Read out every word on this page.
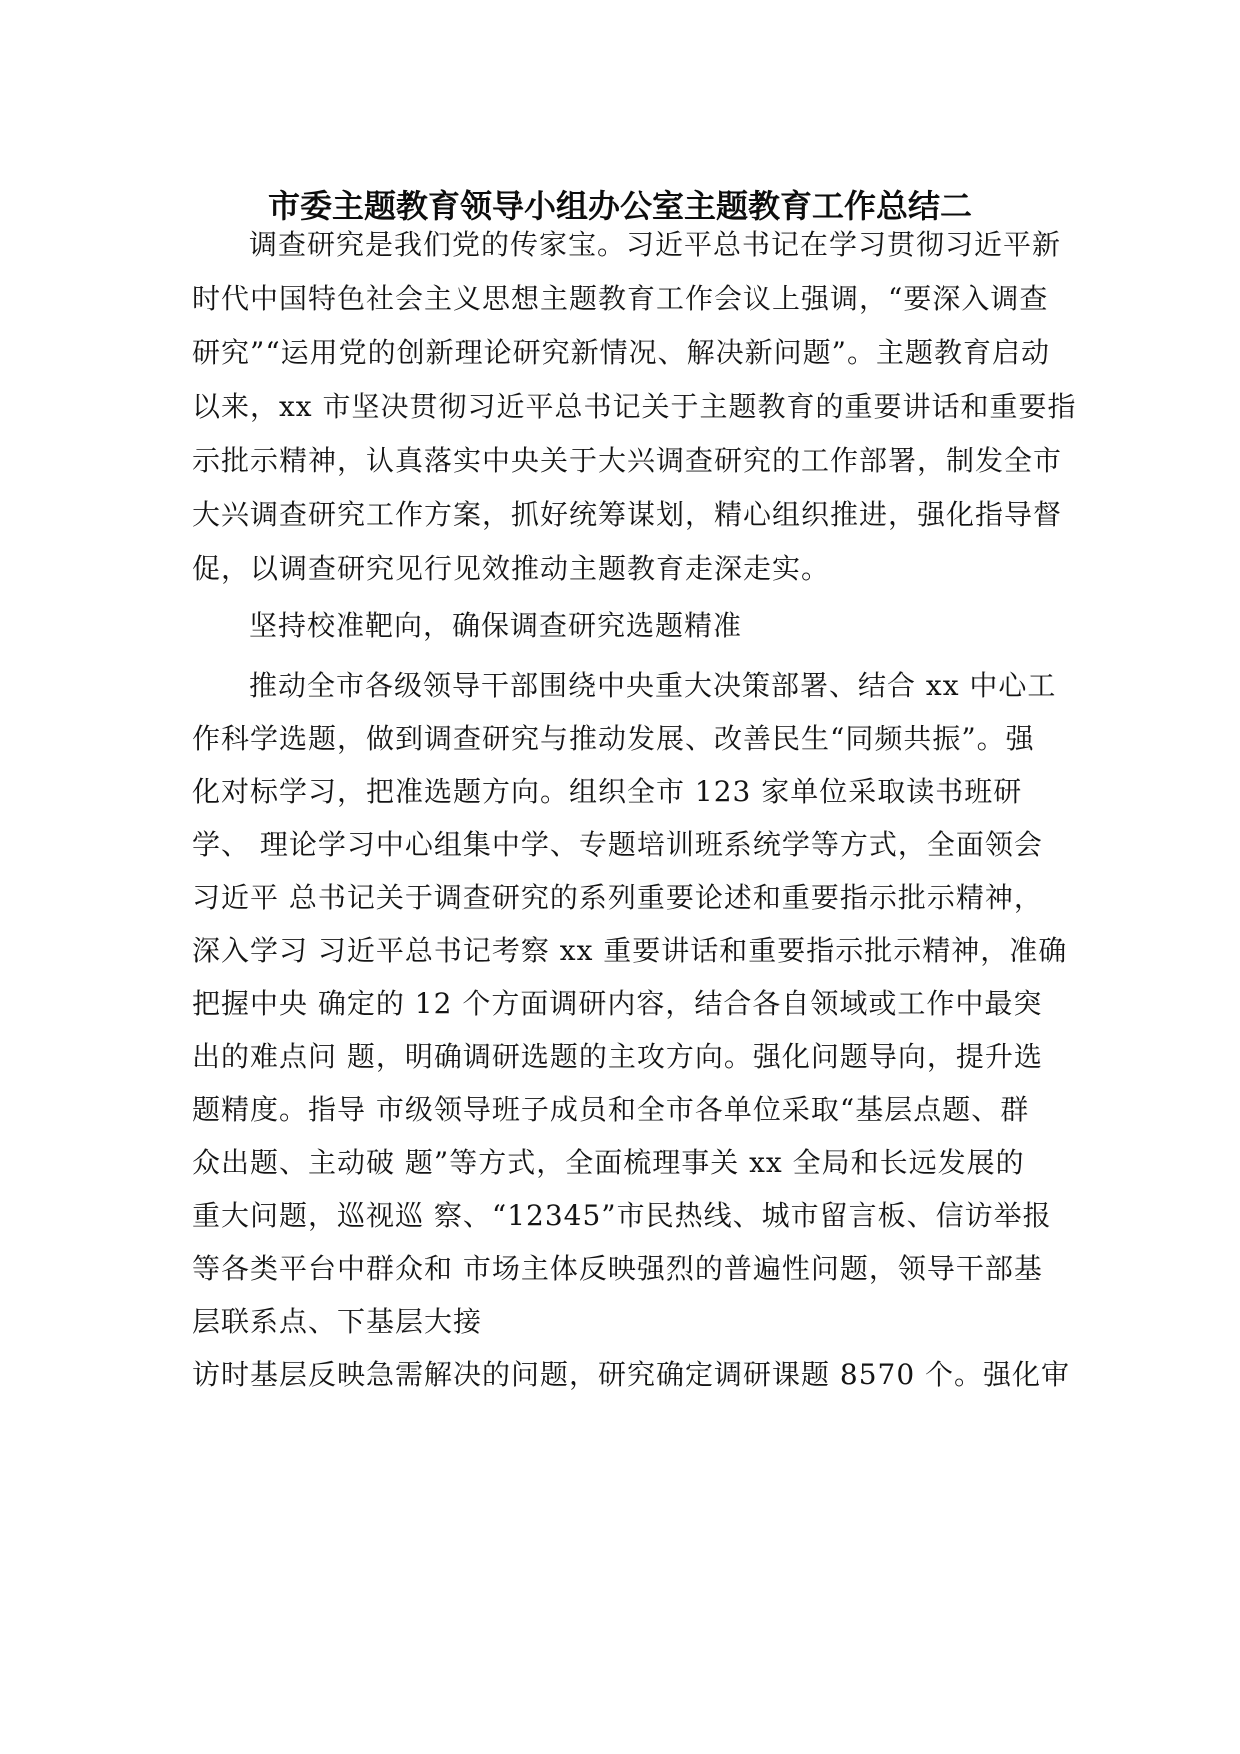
市委主题教育领导小组办公室主题教育工作总结二
调查研究是我们党的传家宝。习近平总书记在学习贯彻习近平新
时代中国特色社会主义思想主题教育工作会议上强调，“要深入调查
研究”“运用党的创新理论研究新情况、解决新问题”。主题教育启动
以来，xx 市坚决贯彻习近平总书记关于主题教育的重要讲话和重要指
示批示精神，认真落实中央关于大兴调查研究的工作部署，制发全市
大兴调查研究工作方案，抓好统筹谋划，精心组织推进，强化指导督
促，以调查研究见行见效推动主题教育走深走实。
坚持校准靶向，确保调查研究选题精准
推动全市各级领导干部围绕中央重大决策部署、结合 xx 中心工
作科学选题，做到调查研究与推动发展、改善民生“同频共振”。强
化对标学习，把准选题方向。组织全市 123 家单位采取读书班研
学、 理论学习中心组集中学、专题培训班系统学等方式，全面领会
习近平 总书记关于调查研究的系列重要论述和重要指示批示精神，
深入学习 习近平总书记考察 xx 重要讲话和重要指示批示精神，准确
把握中央 确定的 12 个方面调研内容，结合各自领域或工作中最突
出的难点问 题，明确调研选题的主攻方向。强化问题导向，提升选
题精度。指导 市级领导班子成员和全市各单位采取“基层点题、群
众出题、主动破 题”等方式，全面梳理事关 xx 全局和长远发展的
重大问题，巡视巡 察、“12345”市民热线、城市留言板、信访举报
等各类平台中群众和 市场主体反映强烈的普遍性问题，领导干部基
层联系点、下基层大接
访时基层反映急需解决的问题，研究确定调研课题 8570 个。强化审
